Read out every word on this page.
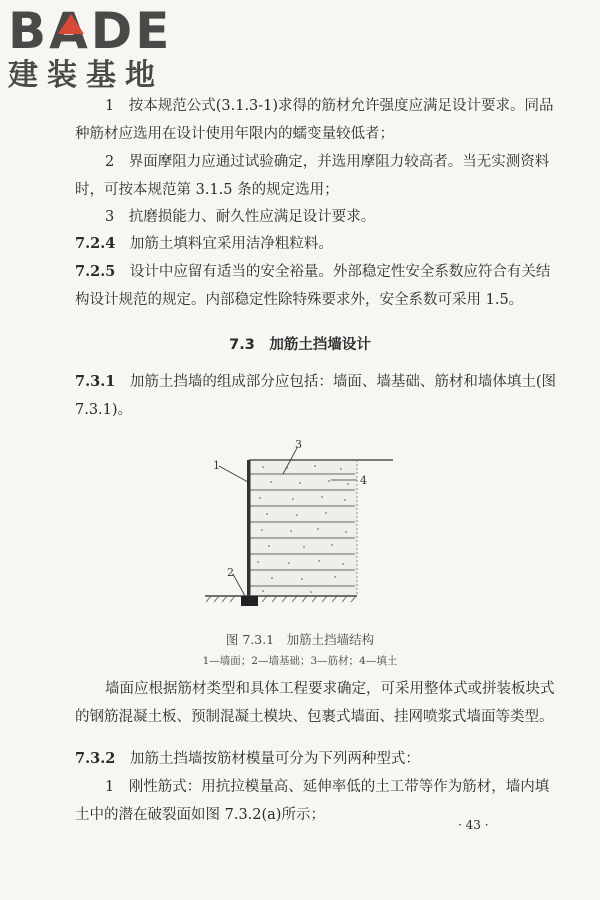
BADE
建装基地
1　按本规范公式(3.1.3-1)求得的筋材允许强度应满足设计要求。同品种筋材应选用在设计使用年限内的蠕变量较低者；
2　界面摩阻力应通过试验确定，并选用摩阻力较高者。当无实测资料时，可按本规范第 3.1.5 条的规定选用；
3　抗磨损能力、耐久性应满足设计要求。
7.2.4　 加筋土填料宜采用洁净粗粒料。
7.2.5　 设计中应留有适当的安全裕量。外部稳定性安全系数应符合有关结构设计规范的规定。内部稳定性除特殊要求外，安全系数可采用 1.5。
7.3　 加筋土挡墙设计
7.3.1　 加筋土挡墙的组成部分应包括：墙面、墙基础、筋材和墙体填土(图 7.3.1)。
1
2
3
4
图 7.3.1　加筋土挡墙结构
1—墙面；2—墙基础；3—筋材；4—填土
墙面应根据筋材类型和具体工程要求确定，可采用整体式或拼装板块式的钢筋混凝土板、预制混凝土模块、包裹式墙面、挂网喷浆式墙面等类型。
7.3.2　 加筋土挡墙按筋材模量可分为下列两种型式：
1　刚性筋式：用抗拉模量高、延伸率低的土工带等作为筋材，墙内填土中的潜在破裂面如图 7.3.2(a)所示；
· 43 ·
